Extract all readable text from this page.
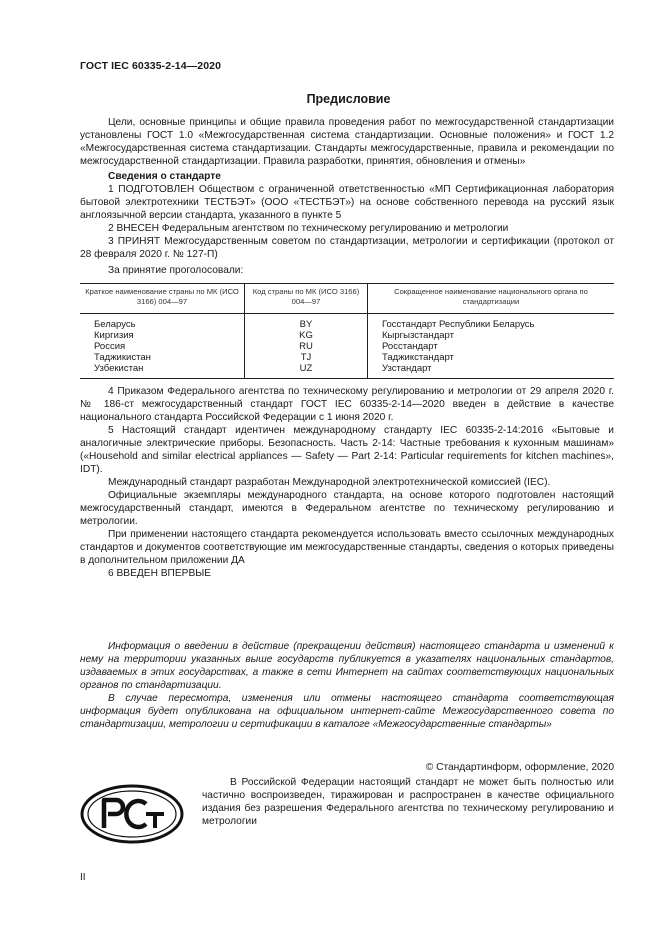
ГОСТ IEC 60335-2-14—2020
Предисловие

Цели, основные принципы и общие правила проведения работ по межгосударственной стандартизации установлены ГОСТ 1.0 «Межгосударственная система стандартизации. Основные положения» и ГОСТ 1.2 «Межгосударственная система стандартизации. Стандарты межгосударственные, правила и рекомендации по межгосударственной стандартизации. Правила разработки, принятия, обновления и отмены»

Сведения о стандарте

1 ПОДГОТОВЛЕН Обществом с ограниченной ответственностью «МП Сертификационная лаборатория бытовой электротехники ТЕСТБЭТ» (ООО «ТЕСТБЭТ») на основе собственного перевода на русский язык англоязычной версии стандарта, указанного в пункте 5

2 ВНЕСЕН Федеральным агентством по техническому регулированию и метрологии

3 ПРИНЯТ Межгосударственным советом по стандартизации, метрологии и сертификации (протокол от 28 февраля 2020 г. № 127-П)

За принятие проголосовали:

Краткое наименование страны по МК (ИСО 3166) 004—97	Код страны по МК (ИСО 3166) 004—97	Сокращенное наименование национального органа по стандартизации
Беларусь	BY	Госстандарт Республики Беларусь
Киргизия	KG	Кыргызстандарт
Россия	RU	Росстандарт
Таджикистан	TJ	Таджикстандарт
Узбекистан	UZ	Узстандарт

4 Приказом Федерального агентства по техническому регулированию и метрологии от 29 апреля 2020 г. № 186-ст межгосударственный стандарт ГОСТ IEC 60335-2-14—2020 введен в действие в качестве национального стандарта Российской Федерации с 1 июня 2020 г.

5 Настоящий стандарт идентичен международному стандарту IEC 60335-2-14:2016 «Бытовые и аналогичные электрические приборы. Безопасность. Часть 2-14: Частные требования к кухонным машинам» («Household and similar electrical appliances — Safety — Part 2-14: Particular requirements for kitchen machines», IDT).

Международный стандарт разработан Международной электротехнической комиссией (IEC).

Официальные экземпляры международного стандарта, на основе которого подготовлен настоящий межгосударственный стандарт, имеются в Федеральном агентстве по техническому регулированию и метрологии.

При применении настоящего стандарта рекомендуется использовать вместо ссылочных международных стандартов и документов соответствующие им межгосударственные стандарты, сведения о которых приведены в дополнительном приложении ДА

6 ВВЕДЕН ВПЕРВЫЕ

Информация о введении в действие (прекращении действия) настоящего стандарта и изменений к нему на территории указанных выше государств публикуется в указателях национальных стандартов, издаваемых в этих государствах, а также в сети Интернет на сайтах соответствующих национальных органов по стандартизации.

В случае пересмотра, изменения или отмены настоящего стандарта соответствующая информация будет опубликована на официальном интернет-сайте Межгосударственного совета по стандартизации, метрологии и сертификации в каталоге «Межгосударственные стандарты»

© Стандартинформ, оформление, 2020

В Российской Федерации настоящий стандарт не может быть полностью или частично воспроизведен, тиражирован и распространен в качестве официального издания без разрешения Федерального агентства по техническому регулированию и метрологии

II
